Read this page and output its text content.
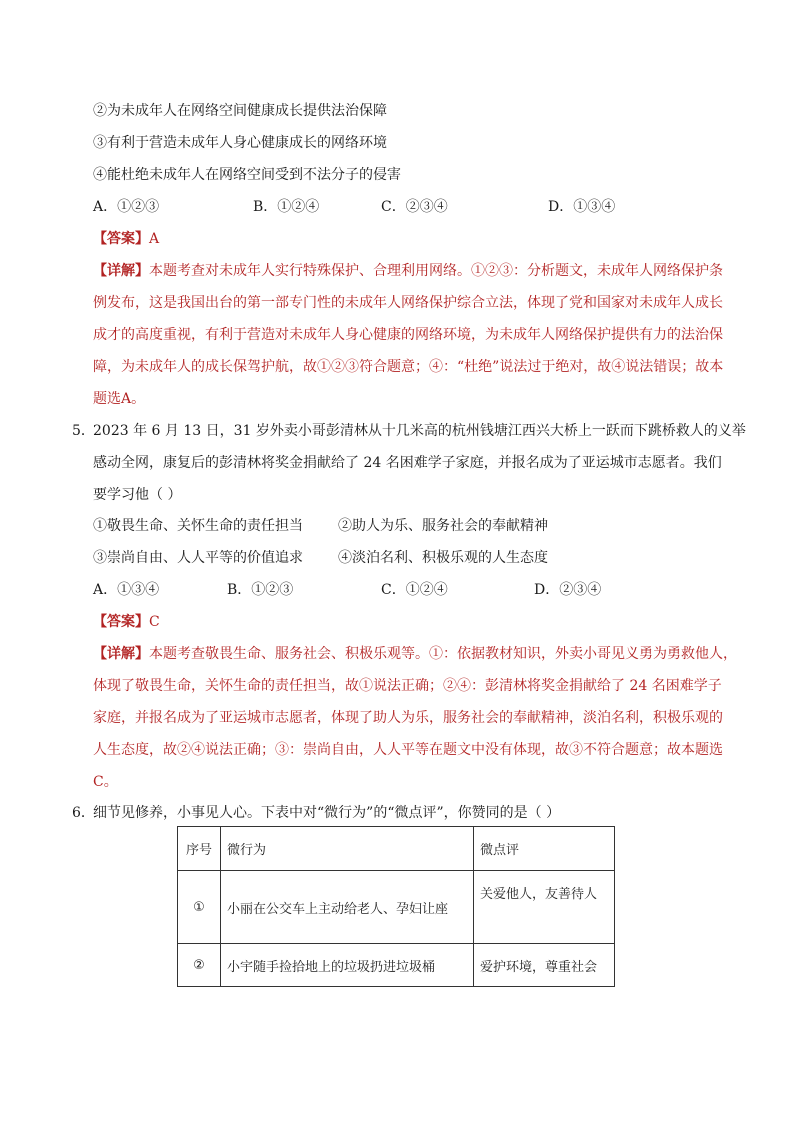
②为未成年人在网络空间健康成长提供法治保障
③有利于营造未成年人身心健康成长的网络环境
④能杜绝未成年人在网络空间受到不法分子的侵害
A．①②③	B．①②④	C．②③④	D．①③④
【答案】A
【详解】本题考查对未成年人实行特殊保护、合理利用网络。①②③：分析题文，未成年人网络保护条
例发布，这是我国出台的第一部专门性的未成年人网络保护综合立法，体现了党和国家对未成年人成长
成才的高度重视，有利于营造对未成年人身心健康的网络环境，为未成年人网络保护提供有力的法治保
障，为未成年人的成长保驾护航，故①②③符合题意；④：“杜绝”说法过于绝对，故④说法错误；故本
题选A。
5．
2023 年 6 月 13 日，31 岁外卖小哥彭清林从十几米高的杭州钱塘江西兴大桥上一跃而下跳桥救人的义举
感动全网，康复后的彭清林将奖金捐献给了 24 名困难学子家庭，并报名成为了亚运城市志愿者。我们
要学习他（ ）
①敬畏生命、关怀生命的责任担当	②助人为乐、服务社会的奉献精神
③崇尚自由、人人平等的价值追求	④淡泊名利、积极乐观的人生态度
A．①③④	B．①②③	C．①②④	D．②③④
【答案】C
【详解】本题考查敬畏生命、服务社会、积极乐观等。①：依据教材知识，外卖小哥见义勇为勇救他人，
体现了敬畏生命，关怀生命的责任担当，故①说法正确；②④：彭清林将奖金捐献给了 24 名困难学子
家庭，并报名成为了亚运城市志愿者，体现了助人为乐，服务社会的奉献精神，淡泊名利，积极乐观的
人生态度，故②④说法正确；③：崇尚自由，人人平等在题文中没有体现，故③不符合题意；故本题选
C。
6．
细节见修养，小事见人心。下表中对“微行为”的“微点评”，你赞同的是（ ）
序号	微行为	微点评
①	小丽在公交车上主动给老人、孕妇让座	关爱他人，友善待人
②	小宇随手捡拾地上的垃圾扔进垃圾桶	爱护环境，尊重社会
